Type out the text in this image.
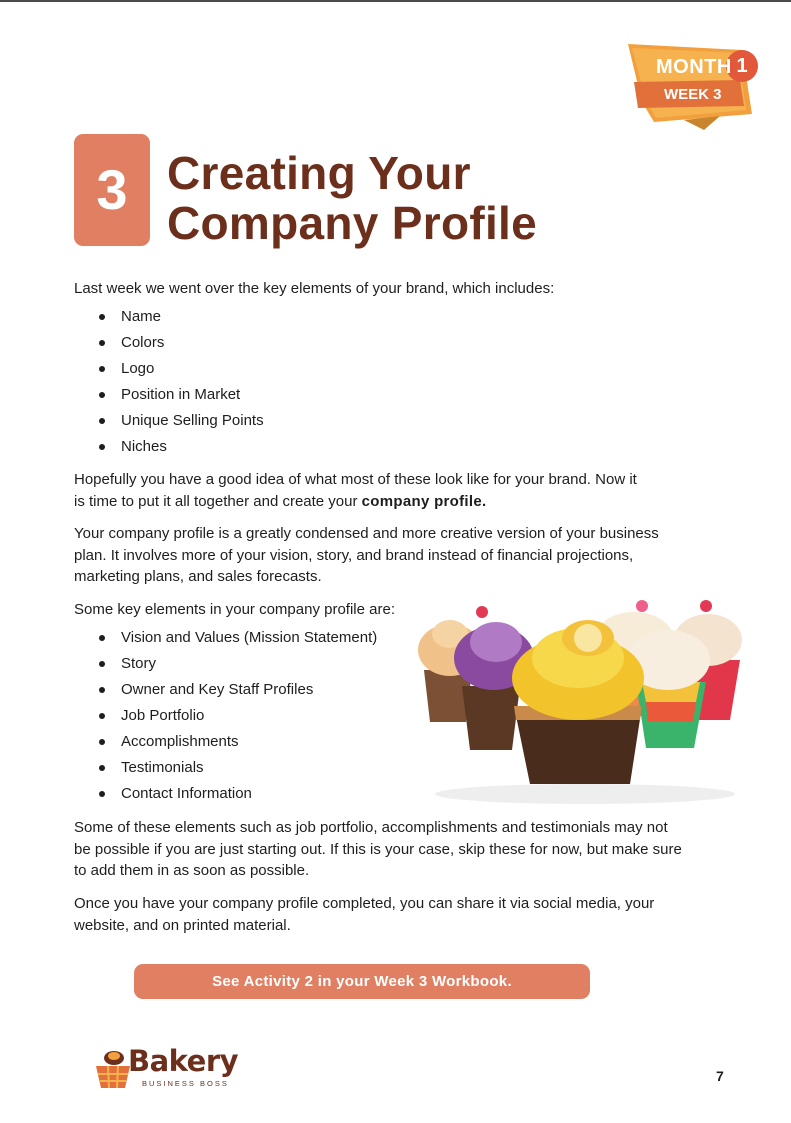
MONTH 1
WEEK 3
3 Creating Your
Company Profile

Last week we went over the key elements of your brand, which includes:

Name
Colors
Logo
Position in Market
Unique Selling Points
Niches

Hopefully you have a good idea of what most of these look like for your brand. Now it
is time to put it all together and create your company profile.

Your company profile is a greatly condensed and more creative version of your business plan. It involves more of your vision, story, and brand instead of financial projections, marketing plans, and sales forecasts.

Some key elements in your company profile are:

Vision and Values (Mission Statement)
Story
Owner and Key Staff Profiles
Job Portfolio
Accomplishments
Testimonials
Contact Information

Some of these elements such as job portfolio, accomplishments and testimonials may not be possible if you are just starting out. If this is your case, skip these for now, but make sure to add them in as soon as possible.

Once you have your company profile completed, you can share it via social media, your website, and on printed material.

See Activity 2 in your Week 3 Workbook.
Bakery
BUSINESS BOSS	7
